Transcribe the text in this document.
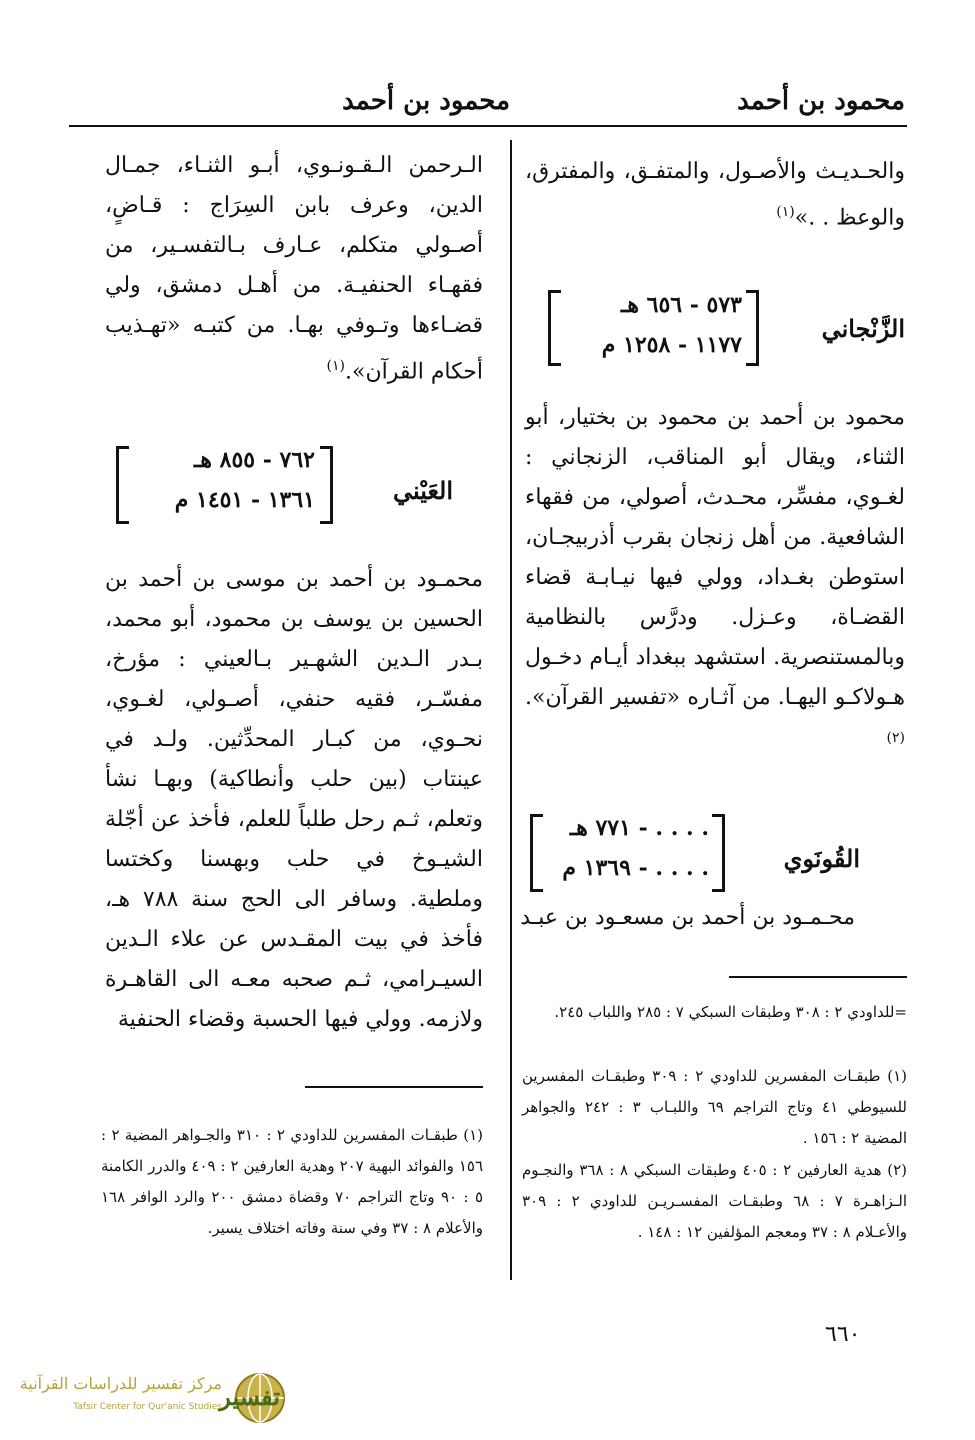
محمود بن أحمد
محمود بن أحمد
والحـديـث والأصـول، والمتفـق، والمفترق، والوعظ . .»$^{(١)}$
الزَّنْجاني
٥٧٣ - ٦٥٦ هـ
١١٧٧ - ١٢٥٨ م
محمود بن أحمد بن محمود بن بختيار، أبو الثناء، ويقال أبو المناقب، الزنجاني : لغـوي، مفسِّر، محـدث، أصولي، من فقهاء الشافعية. من أهل زنجان بقرب أذربيجـان، استوطن بغـداد، وولي فيها نيـابـة قضاء القضـاة، وعـزل. ودرَّس بالنظامية وبالمستنصرية. استشهد ببغداد أيـام دخـول هـولاكـو اليهـا. من آثـاره «تفسير القرآن».$^{(٢)}$
القُونَوي
. . . . - ٧٧١ هـ
. . . . - ١٣٦٩ م
محـمـود بن أحمد بن مسعـود بن عبـد
=للداودي ٢ : ٣٠٨ وطبقات السبكي ٧ : ٢٨٥ واللباب ٢٤٥.
(١) طبقـات المفسرين للداودي ٢ : ٣٠٩ وطبقـات المفسرين للسيوطي ٤١ وتاج التراجم ٦٩ واللبـاب ٣ : ٢٤٢ والجواهر المضية ٢ : ١٥٦ .
(٢) هدية العارفين ٢ : ٤٠٥ وطبقات السبكي ٨ : ٣٦٨ والنجـوم الـزاهـرة ٧ : ٦٨ وطبقـات المفسـريـن للداودي ٢ : ٣٠٩ والأعـلام ٨ : ٣٧ ومعجم المؤلفين ١٢ : ١٤٨ .
الـرحمن الـقـونـوي، أبـو الثنـاء، جمـال الدين، وعرف بابن السِرَاج : قـاضٍ، أصـولي متكلم، عـارف بـالتفسـير، من فقهـاء الحنفيـة. من أهـل دمشق، ولي قضـاءها وتـوفي بهـا. من كتبـه «تهـذيب أحكام القرآن».$^{(١)}$
العَيْني
٧٦٢ - ٨٥٥ هـ
١٣٦١ - ١٤٥١ م
محمـود بن أحمد بن موسى بن أحمد بن الحسين بن يوسف بن محمود، أبو محمد، بـدر الـدين الشهـير بـالعيني : مؤرخ، مفسّـر، فقيه حنفي، أصـولي، لغـوي، نحـوي، من كبـار المحدِّثين. ولـد في عينتاب (بين حلب وأنطاكية) وبهـا نشأ وتعلم، ثـم رحل طلباً للعلم، فأخذ عن أجّلة الشيـوخ في حلب وبهسنا وكختسا وملطية. وسافر الى الحج سنة ٧٨٨ هـ، فأخذ في بيت المقـدس عن علاء الـدين السيـرامي، ثـم صحبه معـه الى القاهـرة ولازمه. وولي فيها الحسبة وقضاء الحنفية
(١) طبقـات المفسرين للداودي ٢ : ٣١٠ والجـواهر المضية ٢ : ١٥٦ والفوائد البهية ٢٠٧ وهدية العارفين ٢ : ٤٠٩ والدرر الكامنة ٥ : ٩٠ وتاج التراجم ٧٠ وقضاة دمشق ٢٠٠ والرد الوافر ١٦٨ والأعلام ٨ : ٣٧ وفي سنة وفاته اختلاف يسير.
٦٦٠
تفسير
مركز تفسير للدراسات القرآنية
Tafsir Center for Qur'anic Studies
